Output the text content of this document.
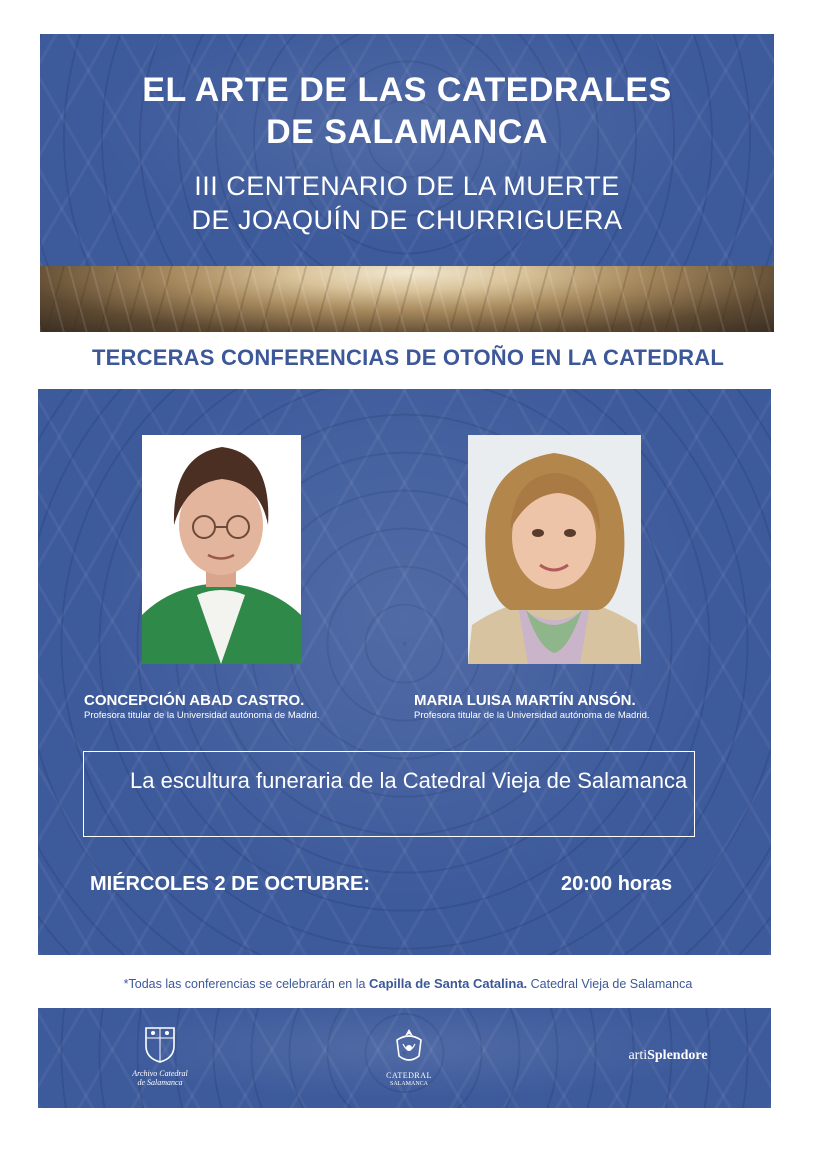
EL ARTE DE LAS CATEDRALES
DE SALAMANCA
III CENTENARIO DE LA MUERTE
DE JOAQUÍN DE CHURRIGUERA
TERCERAS CONFERENCIAS DE OTOÑO EN LA CATEDRAL
CONCEPCIÓN ABAD CASTRO.
Profesora titular de la Universidad autónoma de Madrid.
MARIA LUISA MARTÍN ANSÓN.
Profesora titular de la Universidad autónoma de Madrid.
La escultura funeraria de la Catedral Vieja de Salamanca
MIÉRCOLES 2 DE OCTUBRE:	20:00 horas
*Todas las conferencias se celebrarán en la Capilla de Santa Catalina. Catedral Vieja de Salamanca
Archivo Catedral
de Salamanca
CATEDRAL
SALAMANCA
artiSplendore
